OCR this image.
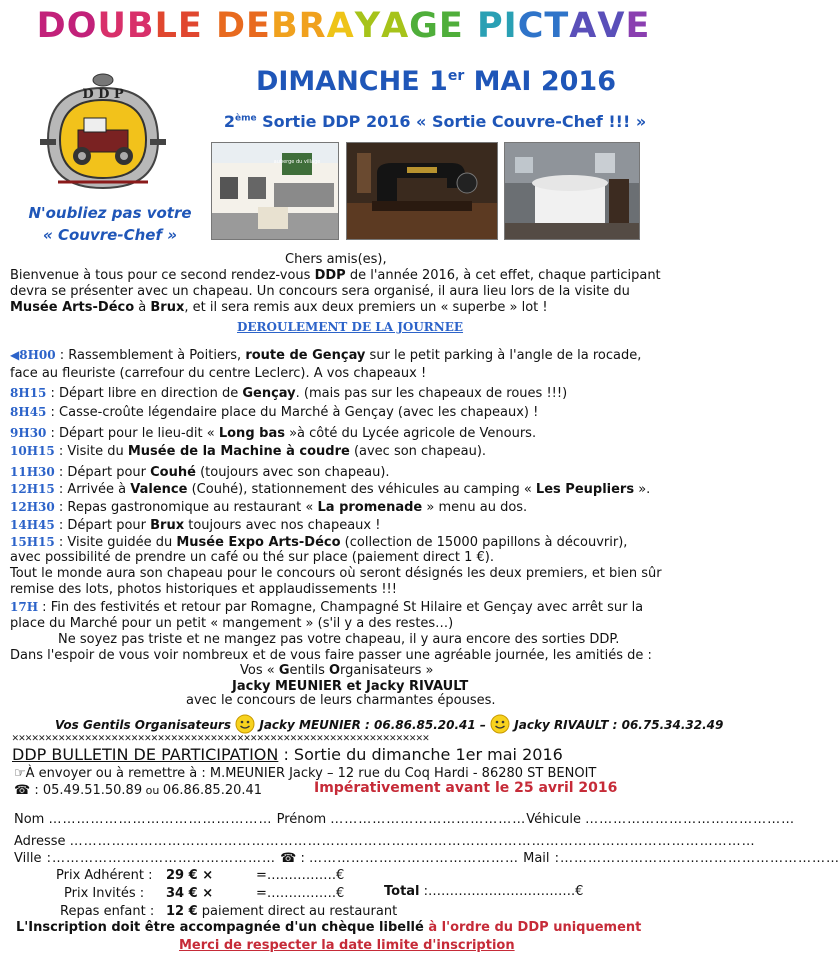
DOUBLE DEBRAYAGE PICTAVE
DIMANCHE 1er MAI 2016
2ème Sortie DDP 2016 « Sortie Couvre-Chef !!! »
D D P
N'oubliez pas votre
« Couvre-Chef »
auberge du village
Chers amis(es),
Bienvenue à tous pour ce second rendez-vous DDP de l'année 2016, à cet effet, chaque participant
devra se présenter avec un chapeau. Un concours sera organisé, il aura lieu lors de la visite du
Musée Arts-Déco à Brux, et il sera remis aux deux premiers un « superbe » lot !
DEROULEMENT DE LA JOURNEE
◀︎8H00 : Rassemblement à Poitiers, route de Gençay sur le petit parking à l'angle de la rocade,
face au fleuriste (carrefour du centre Leclerc). A vos chapeaux !
8H15 : Départ libre en direction de Gençay. (mais pas sur les chapeaux de roues !!!)
8H45 : Casse-croûte légendaire place du Marché à Gençay (avec les chapeaux) !
9H30 : Départ pour le lieu-dit « Long bas »à côté du Lycée agricole de Venours.
10H15 : Visite du Musée de la Machine à coudre (avec son chapeau).
11H30 : Départ pour Couhé (toujours avec son chapeau).
12H15 : Arrivée à Valence (Couhé), stationnement des véhicules au camping « Les Peupliers ».
12H30 : Repas gastronomique au restaurant « La promenade » menu au dos.
14H45 : Départ pour Brux toujours avec nos chapeaux !
15H15 : Visite guidée du Musée Expo Arts-Déco (collection de 15000 papillons à découvrir),
avec possibilité de prendre un café ou thé sur place (paiement direct 1 €).
Tout le monde aura son chapeau pour le concours où seront désignés les deux premiers, et bien sûr
remise des lots, photos historiques et applaudissements !!!
17H : Fin des festivités et retour par Romagne, Champagné St Hilaire et Gençay avec arrêt sur la
place du Marché pour un petit « mangement » (s'il y a des restes…)
Ne soyez pas triste et ne mangez pas votre chapeau, il y aura encore des sorties DDP.
Dans l'espoir de vous voir nombreux et de vous faire passer une agréable journée, les amitiés de :
Vos « Gentils Organisateurs »
Jacky MEUNIER et Jacky RIVAULT
avec le concours de leurs charmantes épouses.
Vos Gentils Organisateurs Jacky MEUNIER : 06.86.85.20.41 – Jacky RIVAULT : 06.75.34.32.49
✕✕✕✕✕✕✕✕✕✕✕✕✕✕✕✕✕✕✕✕✕✕✕✕✕✕✕✕✕✕✕✕✕✕✕✕✕✕✕✕✕✕✕✕✕✕✕✕✕✕✕✕✕✕✕✕✕✕✕✕✕✕✕
DDP BULLETIN DE PARTICIPATION : Sortie du dimanche 1er mai 2016
☞À envoyer ou à remettre à : M.MEUNIER Jacky – 12 rue du Coq Hardi - 86280 ST BENOIT
☎ : 05.49.51.50.89 ou 06.86.85.20.41	Impérativement avant le 25 avril 2016
Nom ………………………………………… Prénom ……………………………………Véhicule ………………………………………
Adresse …………………………………………………………………………………………………………………………………
Ville :………………………………………… ☎ : ……………………………………… Mail :……………………………………………………
Prix Adhérent : 29 € ×	=…………….€
Prix Invités : 34 € ×	=…………….€	Total :…………………………….€
Repas enfant : 12 € paiement direct au restaurant
L'Inscription doit être accompagnée d'un chèque libellé à l'ordre du DDP uniquement
Merci de respecter la date limite d'inscription
